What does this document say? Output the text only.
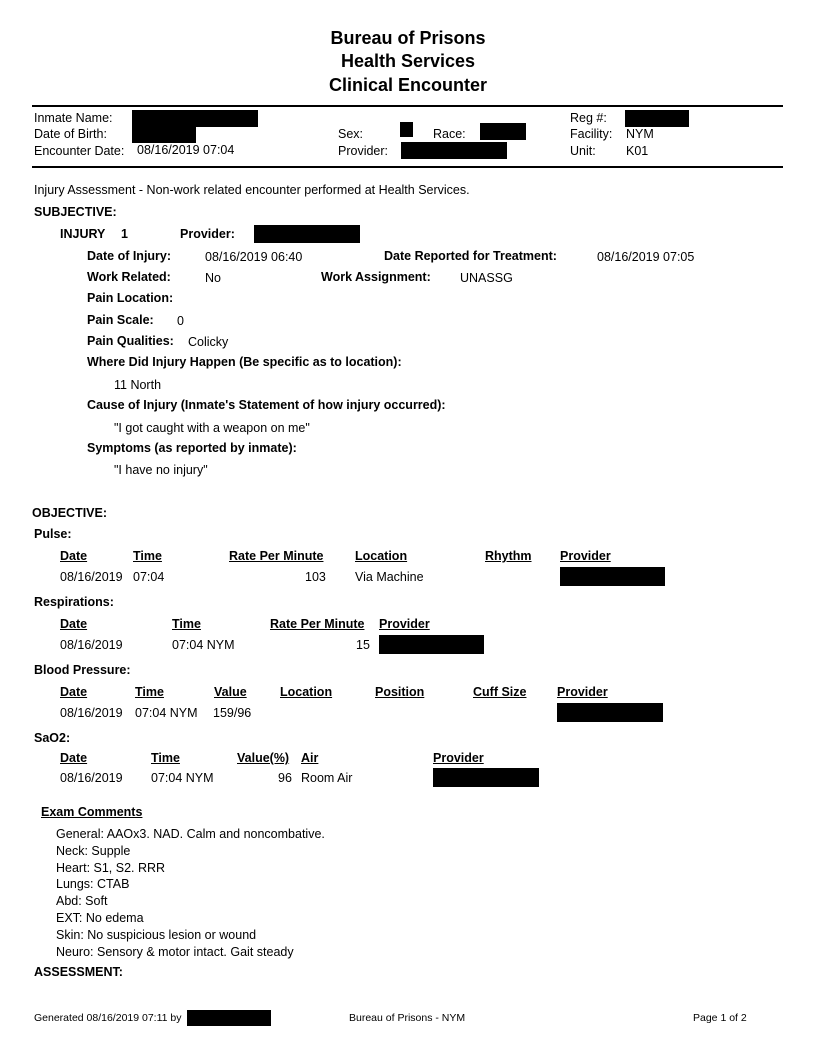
Bureau of Prisons
Health Services
Clinical Encounter
Inmate Name:
Date of Birth:
Encounter Date: 08/16/2019 07:04
Sex:	Race:
Provider:
Reg #:
Facility: NYM
Unit: K01
Injury Assessment - Non-work related encounter performed at Health Services.
SUBJECTIVE:
INJURY 1	Provider:
Date of Injury:	08/16/2019 06:40	Date Reported for Treatment:	08/16/2019 07:05
Work Related:	No	Work Assignment: UNASSG
Pain Location:
Pain Scale: 0
Pain Qualities: Colicky
Where Did Injury Happen (Be specific as to location):
11 North
Cause of Injury (Inmate's Statement of how injury occurred):
"I got caught with a weapon on me"
Symptoms (as reported by inmate):
"I have no injury"
OBJECTIVE:
Pulse:
Date	Time	Rate Per Minute	Location	Rhythm Provider
08/16/2019 07:04	103 Via Machine
Respirations:
Date	Time	Rate Per Minute Provider
08/16/2019	07:04 NYM	15
Blood Pressure:
Date	Time	Value	Location	Position	Cuff Size Provider
08/16/2019 07:04 NYM 159/96
SaO2:
Date	Time	Value(%) Air	Provider
08/16/2019 07:04 NYM	96 Room Air
Exam Comments
General: AAOx3. NAD. Calm and noncombative.
Neck: Supple
Heart: S1, S2. RRR
Lungs: CTAB
Abd: Soft
EXT: No edema
Skin: No suspicious lesion or wound
Neuro: Sensory & motor intact. Gait steady
ASSESSMENT:
Generated 08/16/2019 07:11 by	Bureau of Prisons - NYM	Page 1 of 2
